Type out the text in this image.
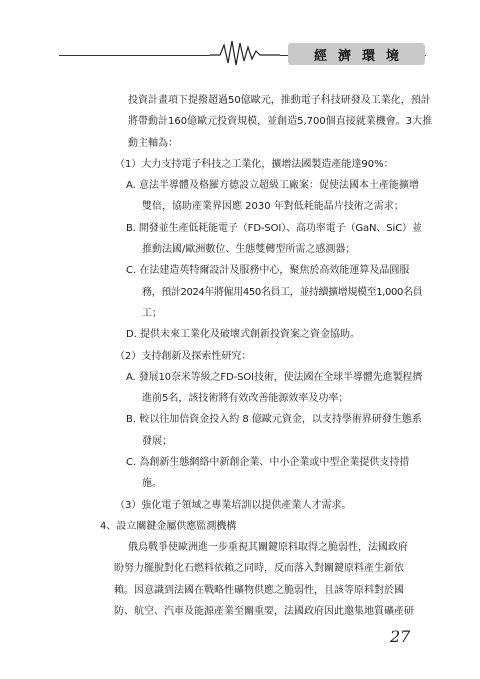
經濟環境
投資計畫項下提撥超過50億歐元，推動電子科技研發及工業化，預計
將帶動計160億歐元投資規模，並創造5,700個直接就業機會。3大推
動主軸為：
（1）大力支持電子科技之工業化，擴增法國製造產能達90%：
A. 意法半導體及格羅方德設立超級工廠案：促使法國本土產能擴增
雙倍，協助產業界因應 2030 年對低耗能晶片技術之需求；
B. 開發並生產低耗能電子（FD-SOI）、高功率電子（GaN、SiC）並
推動法國/歐洲數位、生態雙轉型所需之感測器；
C. 在法建造英特爾設計及服務中心，聚焦於高效能運算及晶圓服
務，預計2024年將僱用450名員工，並持續擴增規模至1,000名員
工；
D. 提供未來工業化及破壞式創新投資案之資金協助。
（2）支持創新及探索性研究：
A. 發展10奈米等級之FD-SOI技術，使法國在全球半導體先進製程擠
進前5名，該技術將有效改善能源效率及功率；
B. 較以往加倍資金投入約 8 億歐元資金，以支持學術界研發生態系
發展；
C. 為創新生態網絡中新創企業、中小企業或中型企業提供支持措
施。
（3）強化電子領域之專業培訓以提供產業人才需求。
4、設立關鍵金屬供應監測機構
俄烏戰爭使歐洲進一步重視其關鍵原料取得之脆弱性，法國政府
盼努力擺脫對化石燃料依賴之同時，反而落入對關鍵原料產生新依
賴。因意識到法國在戰略性礦物供應之脆弱性，且該等原料對於國
防、航空、汽車及能源產業至關重要，法國政府因此邀集地質礦產研
27
